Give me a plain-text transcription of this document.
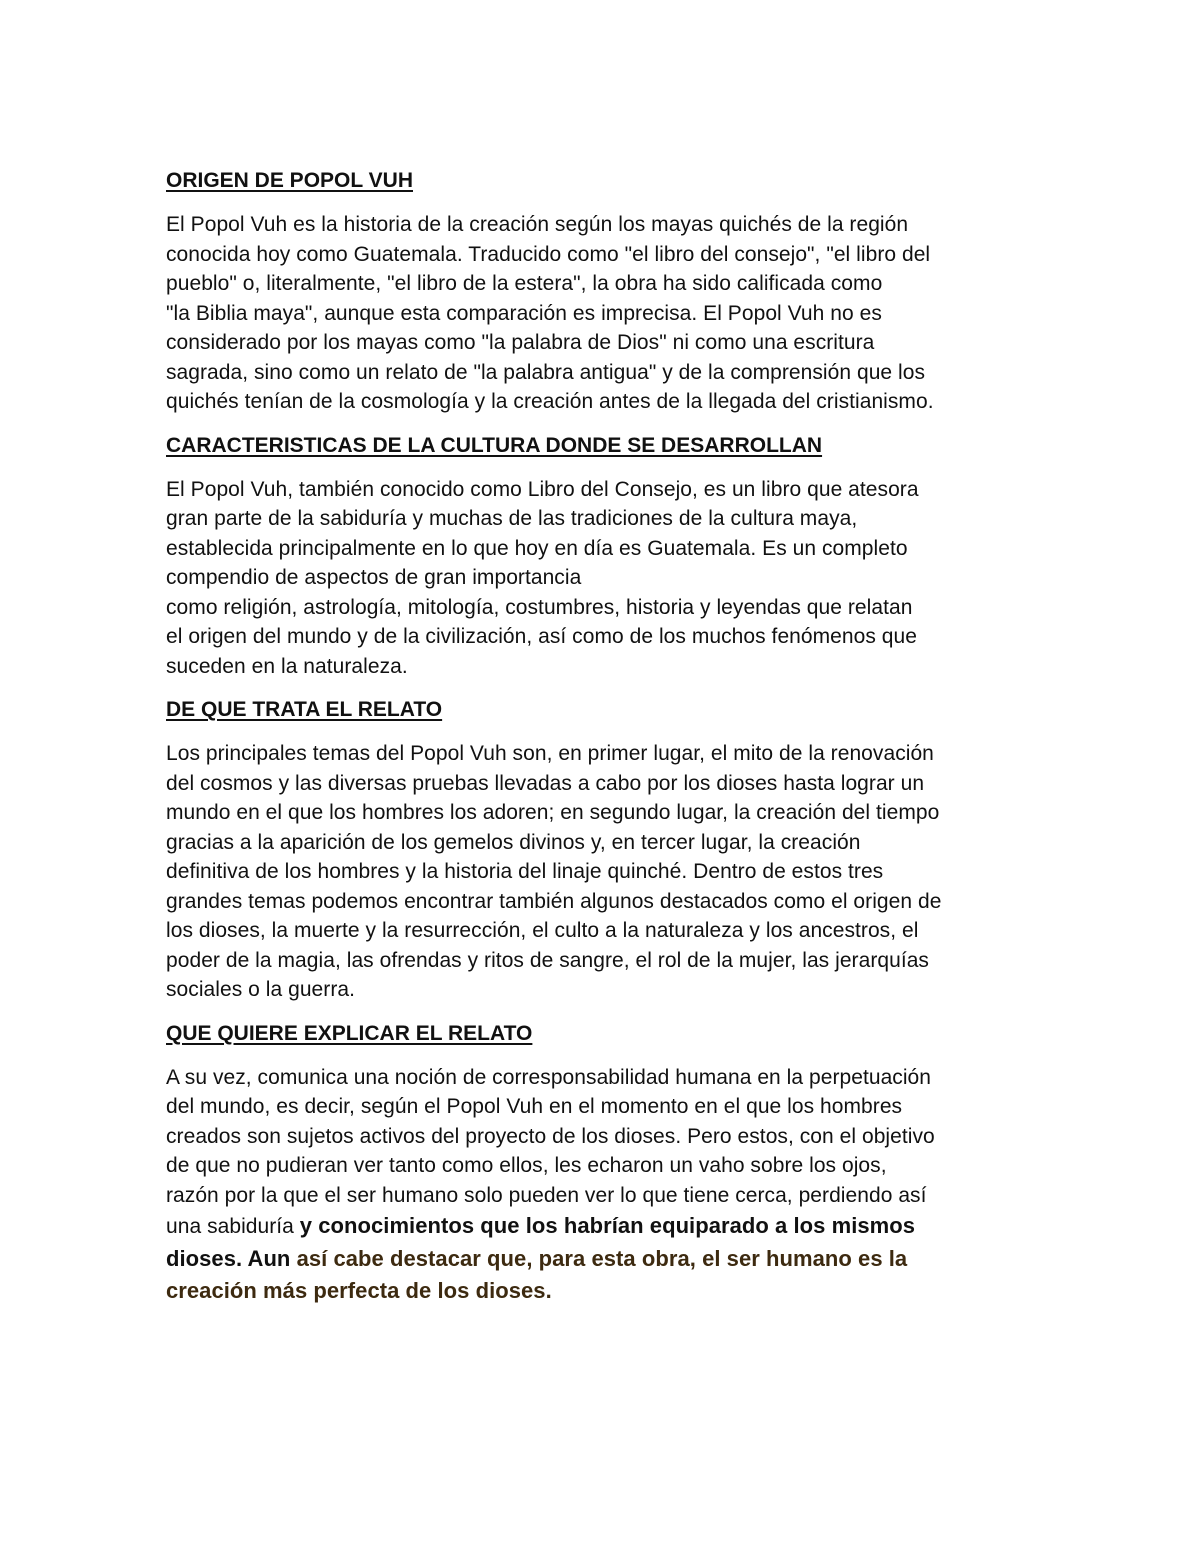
ORIGEN DE POPOL VUH
El Popol Vuh es la historia de la creación según los mayas quichés de la región
conocida hoy como Guatemala. Traducido como "el libro del consejo", "el libro del
pueblo" o, literalmente, "el libro de la estera", la obra ha sido calificada como
"la Biblia maya", aunque esta comparación es imprecisa. El Popol Vuh no es
considerado por los mayas como "la palabra de Dios" ni como una escritura
sagrada, sino como un relato de "la palabra antigua" y de la comprensión que los
quichés tenían de la cosmología y la creación antes de la llegada del cristianismo.
CARACTERISTICAS DE LA CULTURA DONDE SE DESARROLLAN
El Popol Vuh, también conocido como Libro del Consejo, es un libro que atesora
gran parte de la sabiduría y muchas de las tradiciones de la cultura maya,
establecida principalmente en lo que hoy en día es Guatemala. Es un completo
compendio de aspectos de gran importancia
como religión, astrología, mitología, costumbres, historia y leyendas que relatan
el origen del mundo y de la civilización, así como de los muchos fenómenos que
suceden en la naturaleza.
DE QUE TRATA EL RELATO
Los principales temas del Popol Vuh son, en primer lugar, el mito de la renovación
del cosmos y las diversas pruebas llevadas a cabo por los dioses hasta lograr un
mundo en el que los hombres los adoren; en segundo lugar, la creación del tiempo
gracias a la aparición de los gemelos divinos y, en tercer lugar, la creación
definitiva de los hombres y la historia del linaje quinché. Dentro de estos tres
grandes temas podemos encontrar también algunos destacados como el origen de
los dioses, la muerte y la resurrección, el culto a la naturaleza y los ancestros, el
poder de la magia, las ofrendas y ritos de sangre, el rol de la mujer, las jerarquías
sociales o la guerra.
QUE QUIERE EXPLICAR EL RELATO
A su vez, comunica una noción de corresponsabilidad humana en la perpetuación
del mundo, es decir, según el Popol Vuh en el momento en el que los hombres
creados son sujetos activos del proyecto de los dioses. Pero estos, con el objetivo
de que no pudieran ver tanto como ellos, les echaron un vaho sobre los ojos,
razón por la que el ser humano solo pueden ver lo que tiene cerca, perdiendo así
una sabiduría y conocimientos que los habrían equiparado a los mismos
dioses. Aun así cabe destacar que, para esta obra, el ser humano es la
creación más perfecta de los dioses.
